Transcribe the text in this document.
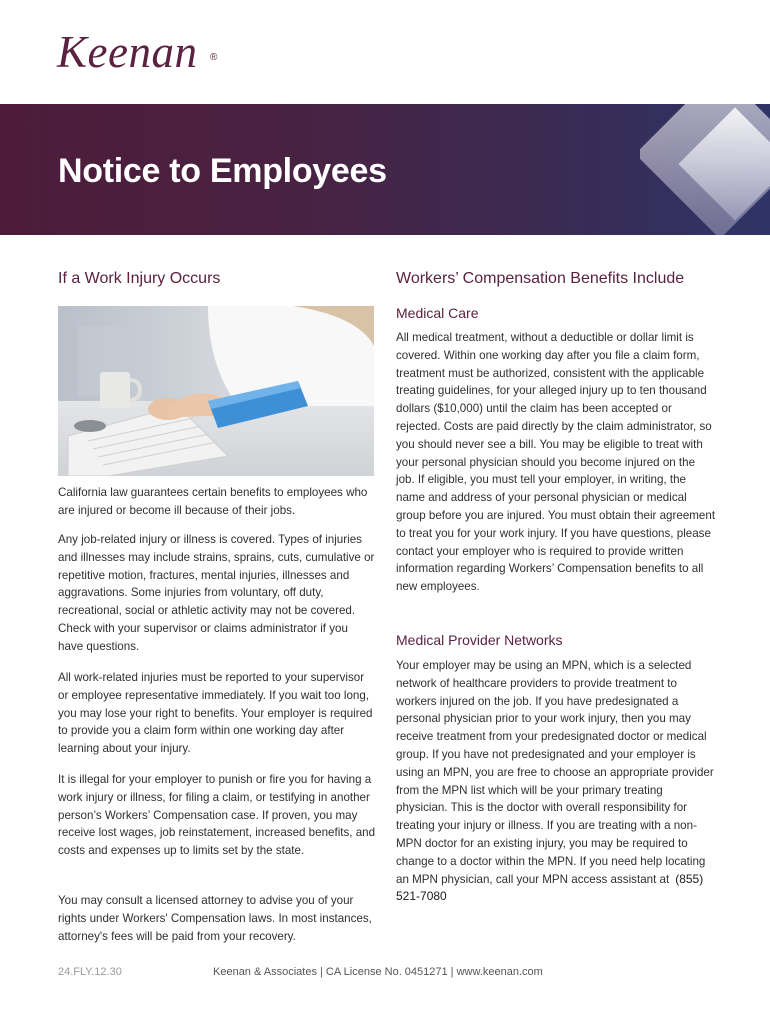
Keenan ®
Notice to Employees
If a Work Injury Occurs	Workers’ Compensation Benefits Include

California law guarantees certain benefits to employees who are injured or become ill because of their jobs.

Any job-related injury or illness is covered. Types of injuries and illnesses may include strains, sprains, cuts, cumulative or repetitive motion, fractures, mental injuries, illnesses and aggravations. Some injuries from voluntary, off duty, recreational, social or athletic activity may not be covered. Check with your supervisor or claims administrator if you have questions.

All work-related injuries must be reported to your supervisor or employee representative immediately. If you wait too long, you may lose your right to benefits. Your employer is required to provide you a claim form within one working day after learning about your injury.

It is illegal for your employer to punish or fire you for having a work injury or illness, for filing a claim, or testifying in another person’s Workers’ Compensation case. If proven, you may receive lost wages, job reinstatement, increased benefits, and costs and expenses up to limits set by the state.

You may consult a licensed attorney to advise you of your rights under Workers' Compensation laws. In most instances, attorney's fees will be paid from your recovery.

Medical Care

All medical treatment, without a deductible or dollar limit is covered. Within one working day after you file a claim form, treatment must be authorized, consistent with the applicable treating guidelines, for your alleged injury up to ten thousand dollars ($10,000) until the claim has been accepted or rejected. Costs are paid directly by the claim administrator, so you should never see a bill. You may be eligible to treat with your personal physician should you become injured on the job. If eligible, you must tell your employer, in writing, the name and address of your personal physician or medical group before you are injured. You must obtain their agreement to treat you for your work injury. If you have questions, please contact your employer who is required to provide written information regarding Workers’ Compensation benefits to all new employees.

Medical Provider Networks

Your employer may be using an MPN, which is a selected network of healthcare providers to provide treatment to workers injured on the job. If you have predesignated a personal physician prior to your work injury, then you may receive treatment from your predesignated doctor or medical group. If you have not predesignated and your employer is using an MPN, you are free to choose an appropriate provider from the MPN list which will be your primary treating physician. This is the doctor with overall responsibility for treating your injury or illness. If you are treating with a non-MPN doctor for an existing injury, you may be required to change to a doctor within the MPN. If you need help locating an MPN physician, call your MPN access assistant at (855) 521-7080

24.FLY.12.30	Keenan & Associates | CA License No. 0451271 | www.keenan.com
